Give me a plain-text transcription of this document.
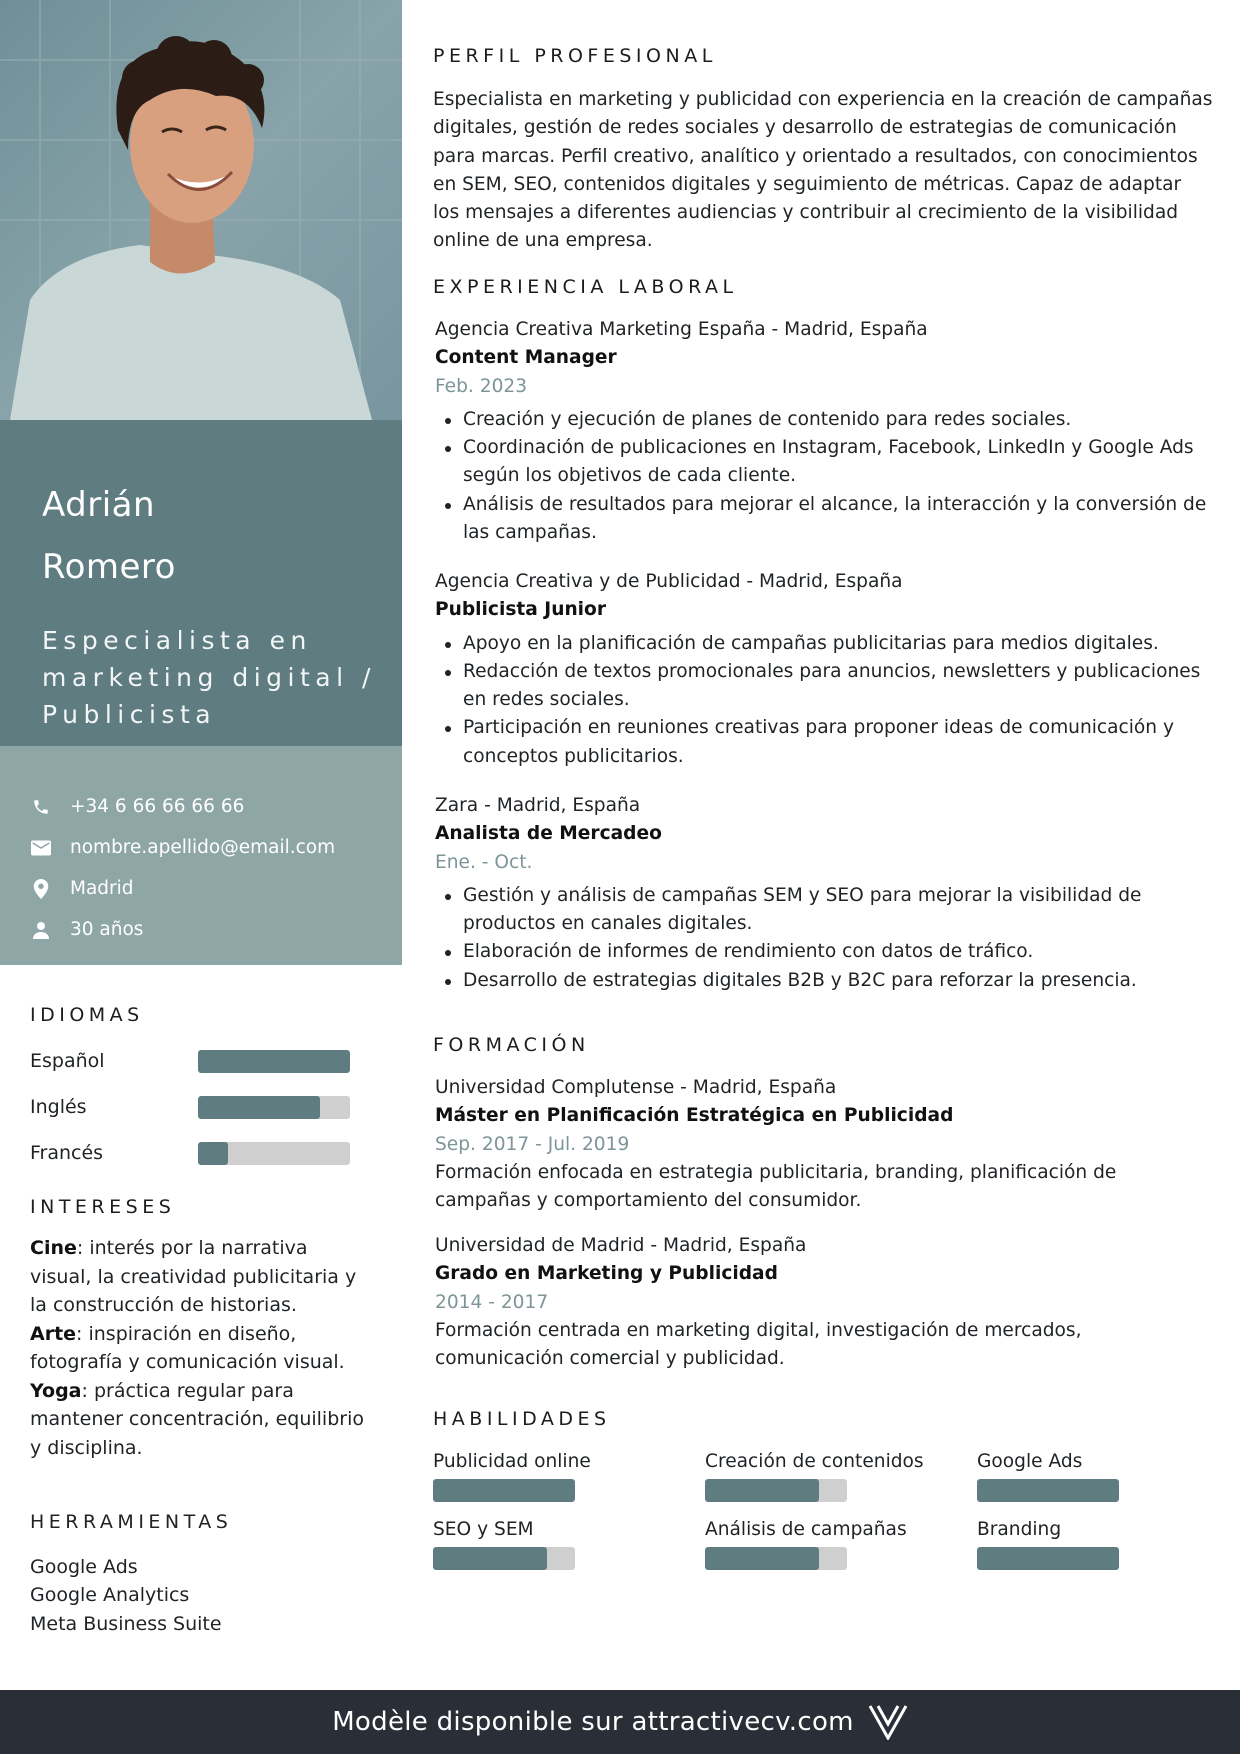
Adrián
Romero
Especialista en marketing digital / Publicista
+34 6 66 66 66 66
nombre.apellido@email.com
Madrid
30 años
IDIOMAS
Español
Inglés
Francés
INTERESES

Cine: interés por la narrativa visual, la creatividad publicitaria y la construcción de historias.

Arte: inspiración en diseño, fotografía y comunicación visual.

Yoga: práctica regular para mantener concentración, equilibrio y disciplina.

HERRAMIENTAS
Google Ads
Google Analytics
Meta Business Suite
PERFIL PROFESIONAL
Especialista en marketing y publicidad con experiencia en la creación de campañas digitales, gestión de redes sociales y desarrollo de estrategias de comunicación para marcas. Perfil creativo, analítico y orientado a resultados, con conocimientos en SEM, SEO, contenidos digitales y seguimiento de métricas. Capaz de adaptar los mensajes a diferentes audiencias y contribuir al crecimiento de la visibilidad online de una empresa.
EXPERIENCIA LABORAL
Agencia Creativa Marketing España - Madrid, España
Content Manager
Feb. 2023
Creación y ejecución de planes de contenido para redes sociales.
Coordinación de publicaciones en Instagram, Facebook, LinkedIn y Google Ads según los objetivos de cada cliente.
Análisis de resultados para mejorar el alcance, la interacción y la conversión de las campañas.
Agencia Creativa y de Publicidad - Madrid, España
Publicista Junior
Apoyo en la planificación de campañas publicitarias para medios digitales.
Redacción de textos promocionales para anuncios, newsletters y publicaciones en redes sociales.
Participación en reuniones creativas para proponer ideas de comunicación y conceptos publicitarios.
Zara - Madrid, España
Analista de Mercadeo
Ene. - Oct.
Gestión y análisis de campañas SEM y SEO para mejorar la visibilidad de productos en canales digitales.
Elaboración de informes de rendimiento con datos de tráfico.
Desarrollo de estrategias digitales B2B y B2C para reforzar la presencia.
FORMACIÓN
Universidad Complutense - Madrid, España
Máster en Planificación Estratégica en Publicidad
Sep. 2017 - Jul. 2019
Formación enfocada en estrategia publicitaria, branding, planificación de campañas y comportamiento del consumidor.
Universidad de Madrid - Madrid, España
Grado en Marketing y Publicidad
2014 - 2017
Formación centrada en marketing digital, investigación de mercados, comunicación comercial y publicidad.
HABILIDADES
Publicidad online	Creación de contenidos	Google Ads
SEO y SEM	Análisis de campañas	Branding
Modèle disponible sur attractivecv.com
